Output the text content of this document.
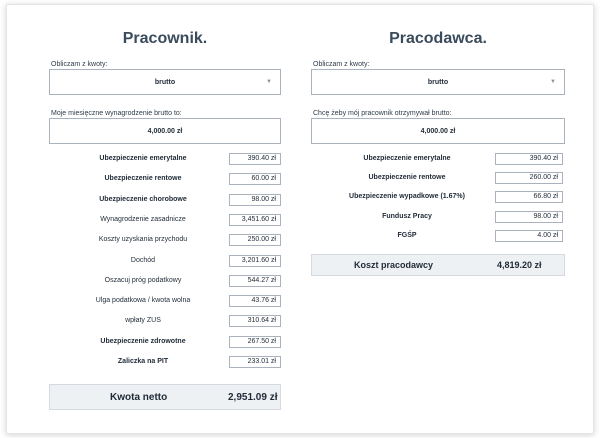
Pracownik.
Obliczam z kwoty:
brutto	▼
Moje miesięczne wynagrodzenie brutto to:
4,000.00 zł
Ubezpieczenie emerytalne	390.40 zł
Ubezpieczenie rentowe	60.00 zł
Ubezpieczenie chorobowe	98.00 zł
Wynagrodzenie zasadnicze	3,451.60 zł
Koszty uzyskania przychodu	250.00 zł
Dochód	3,201.60 zł
Oszacuj próg podatkowy	544.27 zł
Ulga podatkowa / kwota wolna	43.76 zł
wpłaty ZUS	310.64 zł
Ubezpieczenie zdrowotne	267.50 zł
Zaliczka na PIT	233.01 zł
Kwota netto	2,951.09 zł
Pracodawca.
Obliczam z kwoty:
brutto	▼
Chcę żeby mój pracownik otrzymywał brutto:
4,000.00 zł
Ubezpieczenie emerytalne	390.40 zł
Ubezpieczenie rentowe	260.00 zł
Ubezpieczenie wypadkowe (1.67%)	66.80 zł
Fundusz Pracy	98.00 zł
FGŚP	4.00 zł
Koszt pracodawcy	4,819.20 zł
